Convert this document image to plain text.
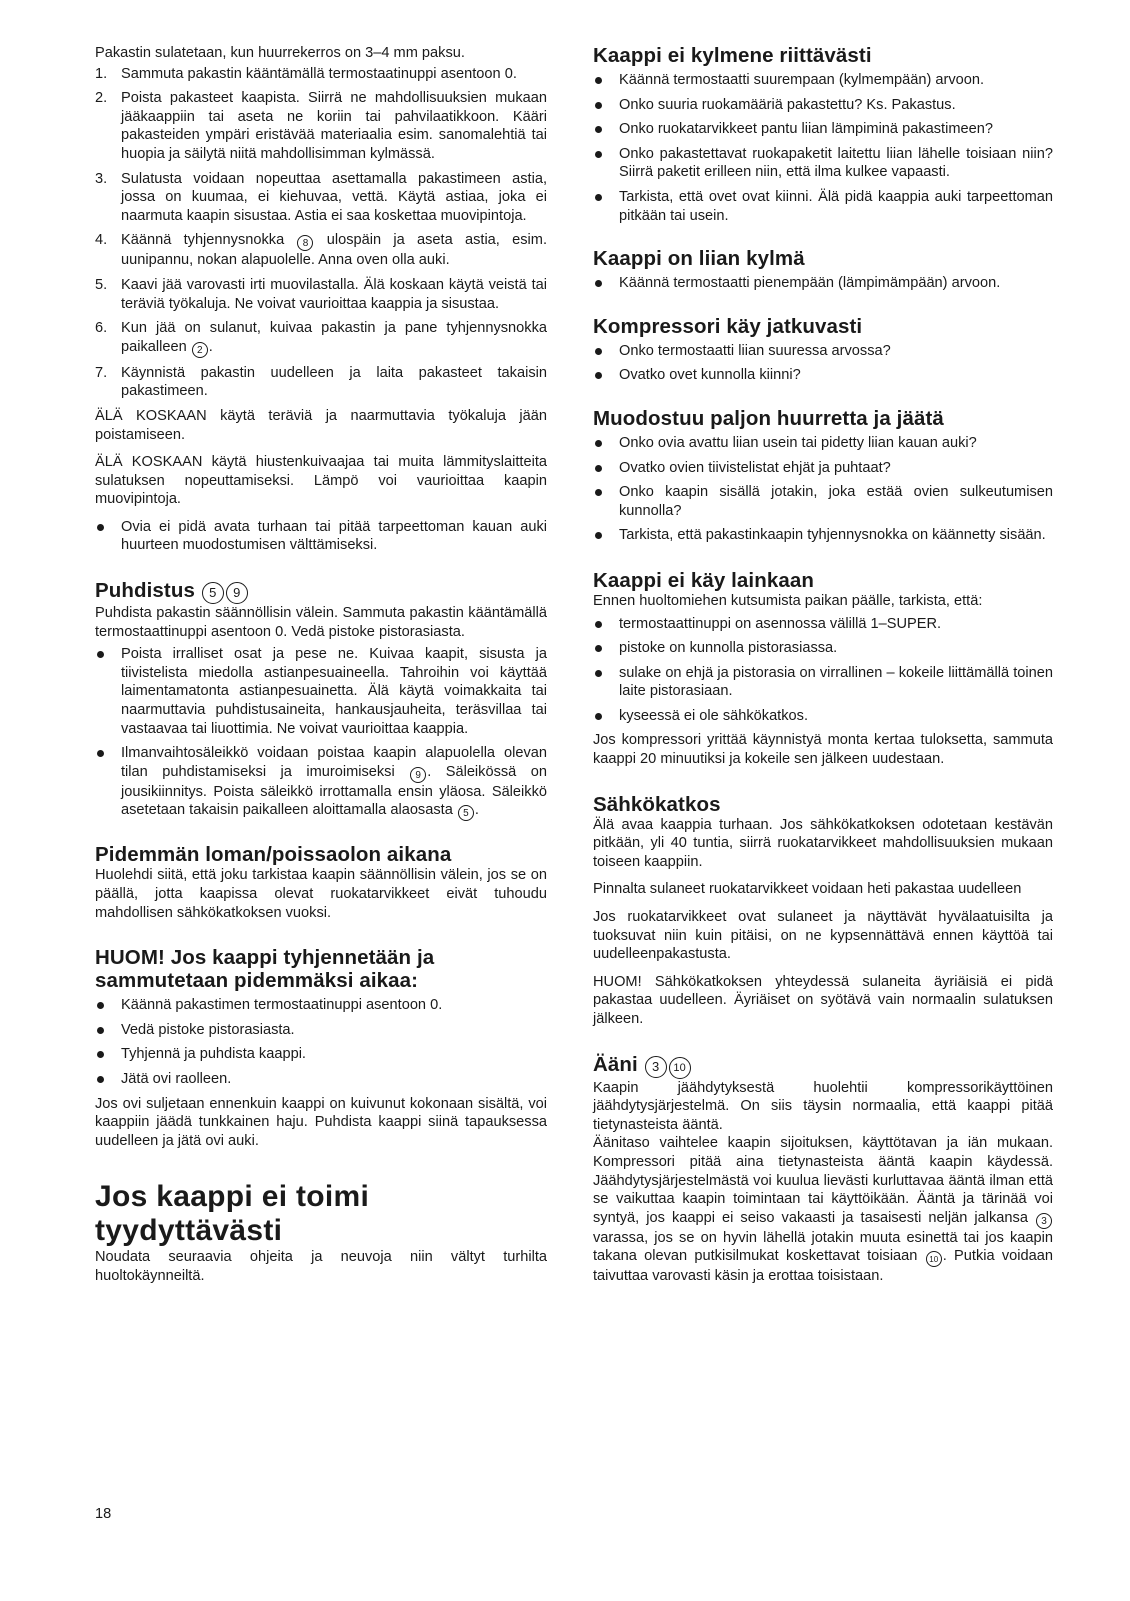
Pakastin sulatetaan, kun huurrekerros on 3–4 mm paksu.

1. Sammuta pakastin kääntämällä termostaatinuppi asentoon 0.
2. Poista pakasteet kaapista. Siirrä ne mahdollisuuksien mukaan jääkaappiin tai aseta ne koriin tai pahvilaatikkoon. Kääri pakasteiden ympäri eristävää materiaalia esim. sanomalehtiä tai huopia ja säilytä niitä mahdollisimman kylmässä.
3. Sulatusta voidaan nopeuttaa asettamalla pakastimeen astia, jossa on kuumaa, ei kiehuvaa, vettä. Käytä astiaa, joka ei naarmuta kaapin sisustaa. Astia ei saa koskettaa muovipintoja.
4. Käännä tyhjennysnokka 8 ulospäin ja aseta astia, esim. uunipannu, nokan alapuolelle. Anna oven olla auki.
5. Kaavi jää varovasti irti muovilastalla. Älä koskaan käytä veistä tai teräviä työkaluja. Ne voivat vaurioittaa kaappia ja sisustaa.
6. Kun jää on sulanut, kuivaa pakastin ja pane tyhjennysnokka paikalleen 2 .
7. Käynnistä pakastin uudelleen ja laita pakasteet takaisin pakastimeen.

ÄLÄ KOSKAAN käytä teräviä ja naarmuttavia työkaluja jään poistamiseen.

ÄLÄ KOSKAAN käytä hiustenkuivaajaa tai muita lämmityslaitteita sulatuksen nopeuttamiseksi. Lämpö voi vaurioittaa kaapin muovipintoja.

Ovia ei pidä avata turhaan tai pitää tarpeettoman kauan auki huurteen muodostumisen välttämiseksi.
Puhdistus 5 9

Puhdista pakastin säännöllisin välein. Sammuta pakastin kääntämällä termostaattinuppi asentoon 0. Vedä pistoke pistorasiasta.

Poista irralliset osat ja pese ne. Kuivaa kaapit, sisusta ja tiivistelista miedolla astianpesuaineella. Tahroihin voi käyttää laimentamatonta astianpesuainetta. Älä käytä voimakkaita tai naarmuttavia puhdistusaineita, hankausjauheita, teräsvillaa tai vastaavaa tai liuottimia. Ne voivat vaurioittaa kaappia.
Ilmanvaihtosäleikkö voidaan poistaa kaapin alapuolella olevan tilan puhdistamiseksi ja imuroimiseksi 9 . Säleikössä on jousikiinnitys. Poista säleikkö irrottamalla ensin yläosa. Säleikkö asetetaan takaisin paikalleen aloittamalla alaosasta 5 .
Pidemmän loman/poissaolon aikana

Huolehdi siitä, että joku tarkistaa kaapin säännöllisin välein, jos se on päällä, jotta kaapissa olevat ruokatarvikkeet eivät tuhoudu mahdollisen sähkökatkoksen vuoksi.

HUOM! Jos kaappi tyhjennetään ja sammutetaan pidemmäksi aikaa:
Käännä pakastimen termostaatinuppi asentoon 0.
Vedä pistoke pistorasiasta.
Tyhjennä ja puhdista kaappi.
Jätä ovi raolleen.

Jos ovi suljetaan ennenkuin kaappi on kuivunut kokonaan sisältä, voi kaappiin jäädä tunkkainen haju. Puhdista kaappi siinä tapauksessa uudelleen ja jätä ovi auki.

Jos kaappi ei toimi tyydyttävästi

Noudata seuraavia ohjeita ja neuvoja niin vältyt turhilta huoltokäynneiltä.

Kaappi ei kylmene riittävästi
Käännä termostaatti suurempaan (kylmempään) arvoon.
Onko suuria ruokamääriä pakastettu? Ks. Pakastus.
Onko ruokatarvikkeet pantu liian lämpiminä pakastimeen?
Onko pakastettavat ruokapaketit laitettu liian lähelle toisiaan niin? Siirrä paketit erilleen niin, että ilma kulkee vapaasti.
Tarkista, että ovet ovat kiinni. Älä pidä kaappia auki tarpeettoman pitkään tai usein.
Kaappi on liian kylmä
Käännä termostaatti pienempään (lämpimämpään) arvoon.
Kompressori käy jatkuvasti
Onko termostaatti liian suuressa arvossa?
Ovatko ovet kunnolla kiinni?
Muodostuu paljon huurretta ja jäätä
Onko ovia avattu liian usein tai pidetty liian kauan auki?
Ovatko ovien tiivistelistat ehjät ja puhtaat?
Onko kaapin sisällä jotakin, joka estää ovien sulkeutumisen kunnolla?
Tarkista, että pakastinkaapin tyhjennysnokka on käännetty sisään.
Kaappi ei käy lainkaan

Ennen huoltomiehen kutsumista paikan päälle, tarkista, että:

termostaattinuppi on asennossa välillä 1–SUPER.
pistoke on kunnolla pistorasiassa.
sulake on ehjä ja pistorasia on virrallinen – kokeile liittämällä toinen laite pistorasiaan.
kyseessä ei ole sähkökatkos.

Jos kompressori yrittää käynnistyä monta kertaa tuloksetta, sammuta kaappi 20 minuutiksi ja kokeile sen jälkeen uudestaan.

Sähkökatkos

Älä avaa kaappia turhaan. Jos sähkökatkoksen odotetaan kestävän pitkään, yli 40 tuntia, siirrä ruokatarvikkeet mahdollisuuksien mukaan toiseen kaappiin.

Pinnalta sulaneet ruokatarvikkeet voidaan heti pakastaa uudelleen

Jos ruokatarvikkeet ovat sulaneet ja näyttävät hyvälaatuisilta ja tuoksuvat niin kuin pitäisi, on ne kypsennättävä ennen käyttöä tai uudelleenpakastusta.

HUOM! Sähkökatkoksen yhteydessä sulaneita äyriäisiä ei pidä pakastaa uudelleen. Äyriäiset on syötävä vain normaalin sulatuksen jälkeen.

Ääni 3 10

Kaapin jäähdytyksestä huolehtii kompressorikäyttöinen jäähdytysjärjestelmä. On siis täysin normaalia, että kaappi pitää tietynasteista ääntä.

Äänitaso vaihtelee kaapin sijoituksen, käyttötavan ja iän mukaan. Kompressori pitää aina tietynasteista ääntä kaapin käydessä. Jäähdytysjärjestelmästä voi kuulua lievästi kurluttavaa ääntä ilman että se vaikuttaa kaapin toimintaan tai käyttöikään. Ääntä ja tärinää voi syntyä, jos kaappi ei seiso vakaasti ja tasaisesti neljän jalkansa 3 varassa, jos se on hyvin lähellä jotakin muuta esinettä tai jos kaapin takana olevan putkisilmukat koskettavat toisiaan 10 . Putkia voidaan taivuttaa varovasti käsin ja erottaa toisistaan.

18
